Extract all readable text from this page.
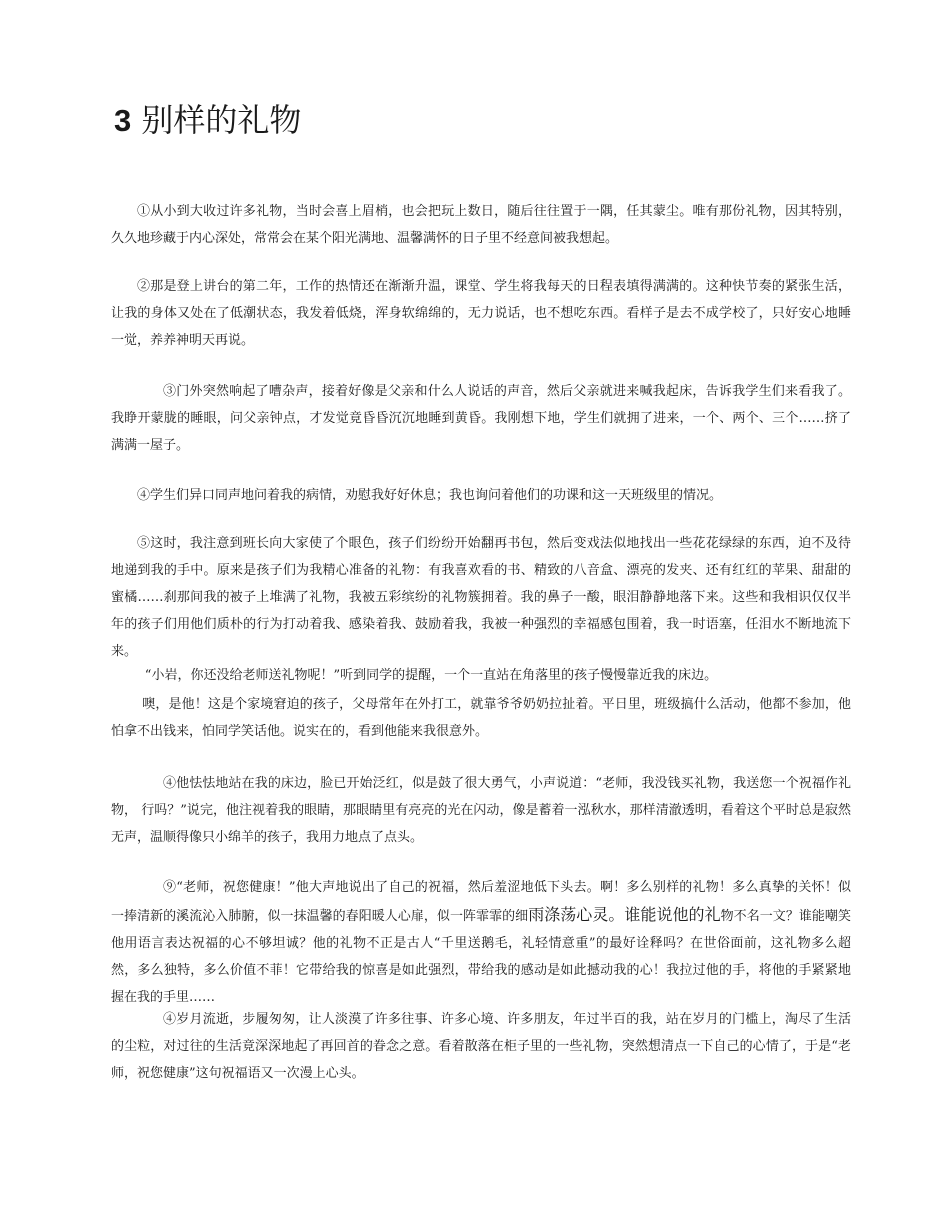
3 别样的礼物

①从小到大收过许多礼物，当时会喜上眉梢，也会把玩上数日，随后往往置于一隅，任其蒙尘。唯有那份礼物，因其特别，久久地珍藏于内心深处，常常会在某个阳光满地、温馨满怀的日子里不经意间被我想起。

②那是登上讲台的第二年，工作的热情还在渐渐升温，课堂、学生将我每天的日程表填得满满的。这种快节奏的紧张生活，让我的身体又处在了低潮状态，我发着低烧，浑身软绵绵的，无力说话，也不想吃东西。看样子是去不成学校了，只好安心地睡一觉，养养神明天再说。

③门外突然响起了嘈杂声，接着好像是父亲和什么人说话的声音，然后父亲就进来喊我起床，告诉我学生们来看我了。我睁开蒙胧的睡眼，问父亲钟点，才发觉竟昏昏沉沉地睡到黄昏。我刚想下地，学生们就拥了进来，一个、两个、三个……挤了满满一屋子。

④学生们异口同声地问着我的病情，劝慰我好好休息；我也询问着他们的功课和这一天班级里的情况。

⑤这时，我注意到班长向大家使了个眼色，孩子们纷纷开始翻再书包，然后变戏法似地找出一些花花绿绿的东西，迫不及待地递到我的手中。原来是孩子们为我精心准备的礼物：有我喜欢看的书、精致的八音盒、漂亮的发夹、还有红红的苹果、甜甜的蜜橘……刹那间我的被子上堆满了礼物，我被五彩缤纷的礼物簇拥着。我的鼻子一酸，眼泪静静地落下来。这些和我相识仅仅半年的孩子们用他们质朴的行为打动着我、感染着我、鼓励着我，我被一种强烈的幸福感包围着，我一时语塞，任泪水不断地流下来。

“小岩，你还没给老师送礼物呢！”听到同学的提醒，一个一直站在角落里的孩子慢慢靠近我的床边。

噢，是他！这是个家境窘迫的孩子，父母常年在外打工，就靠爷爷奶奶拉扯着。平日里，班级搞什么活动，他都不参加，他怕拿不出钱来，怕同学笑话他。说实在的，看到他能来我很意外。

④他怯怯地站在我的床边，脸已开始泛红，似是鼓了很大勇气，小声说道：“老师，我没钱买礼物，我送您一个祝福作礼物， 行吗？”说完，他注视着我的眼睛，那眼睛里有亮亮的光在闪动，像是蓄着一泓秋水，那样清澈透明，看着这个平时总是寂然无声，温顺得像只小绵羊的孩子，我用力地点了点头。

⑨“老师，祝您健康！”他大声地说出了自己的祝福，然后羞涩地低下头去。啊！多么别样的礼物！多么真挚的关怀！似一捧清新的溪流沁入肺腑，似一抹温馨的春阳暖人心扉，似一阵霏霏的细雨涤荡心灵。谁能说他的礼物不名一文？谁能嘲笑他用语言表达祝福的心不够坦诚？他的礼物不正是古人“千里送鹅毛，礼轻情意重”的最好诠释吗？在世俗面前，这礼物多么超然，多么独特，多么价值不菲！它带给我的惊喜是如此强烈，带给我的感动是如此撼动我的心！我拉过他的手，将他的手紧紧地握在我的手里……

④岁月流逝，步履匆匆，让人淡漠了许多往事、许多心境、许多朋友，年过半百的我，站在岁月的门槛上，淘尽了生活的尘粒，对过往的生活竟深深地起了再回首的眷念之意。看着散落在柜子里的一些礼物，突然想清点一下自己的心情了，于是“老师，祝您健康”这句祝福语又一次漫上心头。
